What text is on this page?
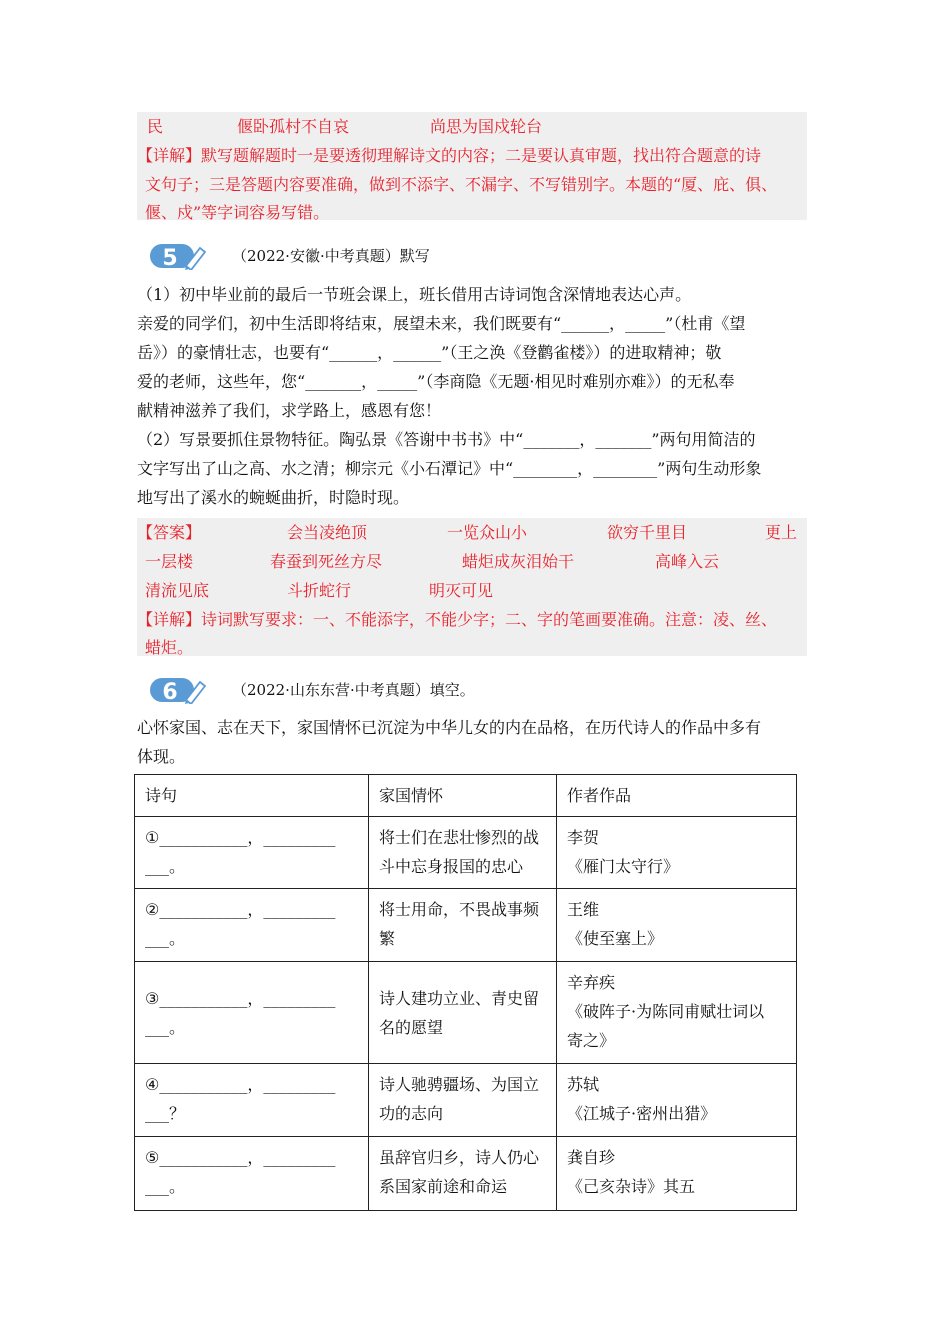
民	偃卧孤村不自哀	尚思为国戍轮台
【详解】 默写题解题时一是要透彻理解诗文的内容；二是要认真审题，找出符合题意的诗
文句子；三是答题内容要准确，做到不添字、不漏字、不写错别字。本题的“厦、庇、俱、
偃、戍”等字词容易写错。
5	（2022·安徽·中考真题）默写
（1）初中毕业前的最后一节班会课上，班长借用古诗词饱含深情地表达心声。
亲爱的同学们，初中生活即将结束，展望未来，我们既要有“______，_____”（杜甫《望
岳》）的豪情壮志，也要有“______，______”（王之涣《登鹳雀楼》）的进取精神；敬
爱的老师，这些年，您“_______，_____”（李商隐《无题·相见时难别亦难》）的无私奉
献精神滋养了我们，求学路上，感恩有您！
（2）写景要抓住景物特征。陶弘景《答谢中书书》中“_______，_______”两句用简洁的
文字写出了山之高、水之清；柳宗元《小石潭记》中“________，________”两句生动形象
地写出了溪水的蜿蜒曲折，时隐时现。
【答案】	会当凌绝顶	一览众山小	欲穷千里目	更上
一层楼	春蚕到死丝方尽	蜡炬成灰泪始干	高峰入云
清流见底	斗折蛇行	明灭可见
【详解】 诗词默写要求：一、不能添字，不能少字；二、字的笔画要准确。注意：凌、丝、
蜡炬。
6	（2022·山东东营·中考真题）填空。
心怀家国、志在天下，家国情怀已沉淀为中华儿女的内在品格，在历代诗人的作品中多有
体现。
诗句	家国情怀	作者作品

①___________，_________
___。	将士们在悲壮惨烈的战
斗中忘身报国的忠心	李贺
《雁门太守行》

②___________，_________
___。	将士用命，不畏战事频
繁	王维
《使至塞上》

③___________，_________
___。	诗人建功立业、青史留
名的愿望	辛弃疾
《破阵子·为陈同甫赋壮词以
寄之》

④___________，_________
___？	诗人驰骋疆场、为国立
功的志向	苏轼
《江城子·密州出猎》

⑤___________，_________
___。	虽辞官归乡，诗人仍心
系国家前途和命运	龚自珍
《己亥杂诗》其五
